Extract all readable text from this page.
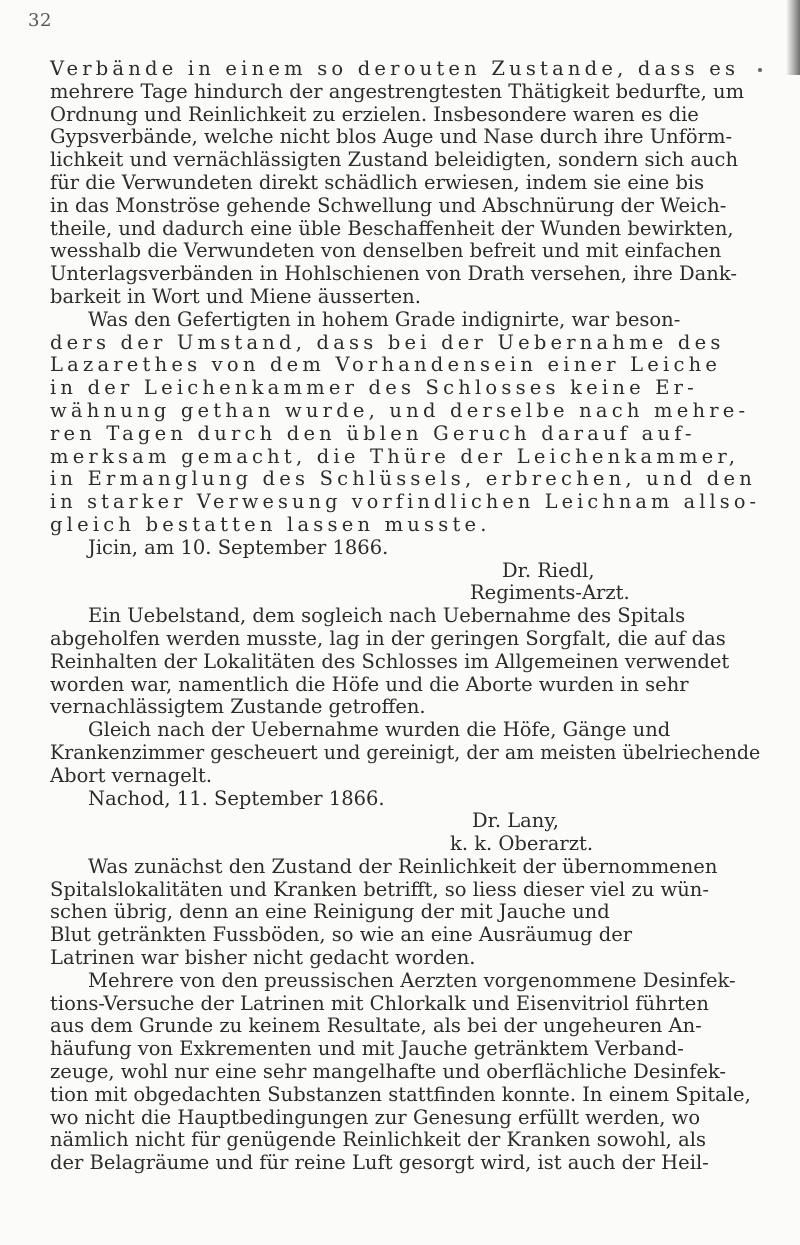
32
Verbände in einem so derouten Zustande, dass es
mehrere Tage hindurch der angestrengtesten Thätigkeit bedurfte, um
Ordnung und Reinlichkeit zu erzielen. Insbesondere waren es die
Gypsverbände, welche nicht blos Auge und Nase durch ihre Unförm-
lichkeit und vernächlässigten Zustand beleidigten, sondern sich auch
für die Verwundeten direkt schädlich erwiesen, indem sie eine bis
in das Monströse gehende Schwellung und Abschnürung der Weich-
theile, und dadurch eine üble Beschaffenheit der Wunden bewirkten,
wesshalb die Verwundeten von denselben befreit und mit einfachen
Unterlagsverbänden in Hohlschienen von Drath versehen, ihre Dank-
barkeit in Wort und Miene äusserten.
Was den Gefertigten in hohem Grade indignirte, war beson-
ders der Umstand, dass bei der Uebernahme des
Lazarethes von dem Vorhandensein einer Leiche
in der Leichenkammer des Schlosses keine Er-
wähnung gethan wurde, und derselbe nach mehre-
ren Tagen durch den üblen Geruch darauf auf-
merksam gemacht, die Thüre der Leichenkammer,
in Ermanglung des Schlüssels, erbrechen, und den
in starker Verwesung vorfindlichen Leichnam allso-
gleich bestatten lassen musste.
Jicin, am 10. September 1866.
Dr. Riedl,
Regiments-Arzt.
Ein Uebelstand, dem sogleich nach Uebernahme des Spitals
abgeholfen werden musste, lag in der geringen Sorgfalt, die auf das
Reinhalten der Lokalitäten des Schlosses im Allgemeinen verwendet
worden war, namentlich die Höfe und die Aborte wurden in sehr
vernachlässigtem Zustande getroffen.
Gleich nach der Uebernahme wurden die Höfe, Gänge und
Krankenzimmer gescheuert und gereinigt, der am meisten übelriechende
Abort vernagelt.
Nachod, 11. September 1866.
Dr. Lany,
k. k. Oberarzt.
Was zunächst den Zustand der Reinlichkeit der übernommenen
Spitalslokalitäten und Kranken betrifft, so liess dieser viel zu wün-
schen übrig, denn an eine Reinigung der mit Jauche und
Blut getränkten Fussböden, so wie an eine Ausräumug der
Latrinen war bisher nicht gedacht worden.
Mehrere von den preussischen Aerzten vorgenommene Desinfek-
tions-Versuche der Latrinen mit Chlorkalk und Eisenvitriol führten
aus dem Grunde zu keinem Resultate, als bei der ungeheuren An-
häufung von Exkrementen und mit Jauche getränktem Verband-
zeuge, wohl nur eine sehr mangelhafte und oberflächliche Desinfek-
tion mit obgedachten Substanzen stattfinden konnte. In einem Spitale,
wo nicht die Hauptbedingungen zur Genesung erfüllt werden, wo
nämlich nicht für genügende Reinlichkeit der Kranken sowohl, als
der Belagräume und für reine Luft gesorgt wird, ist auch der Heil-
